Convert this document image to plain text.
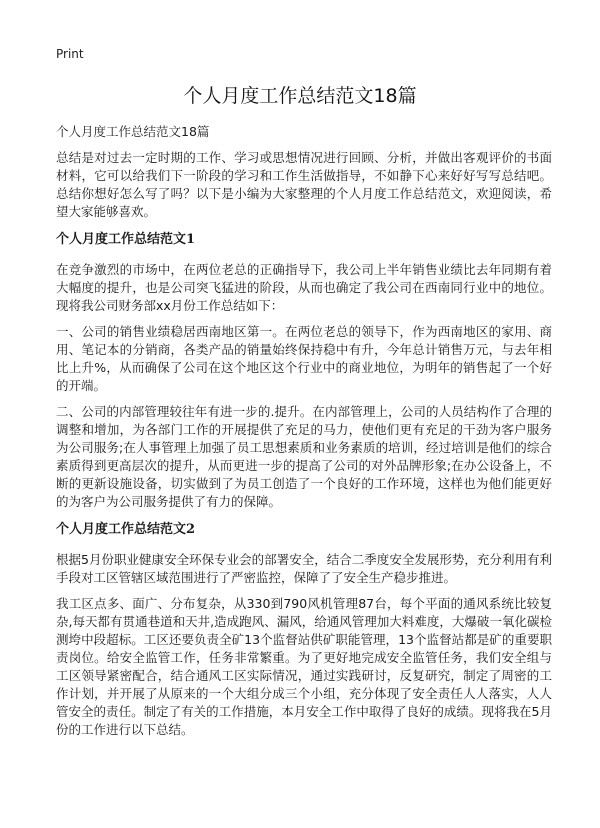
Print
个人月度工作总结范文18篇

个人月度工作总结范文18篇

总结是对过去一定时期的工作、学习或思想情况进行回顾、分析，并做出客观评价的书面材料，它可以给我们下一阶段的学习和工作生活做指导，不如静下心来好好写写总结吧。总结你想好怎么写了吗？以下是小编为大家整理的个人月度工作总结范文，欢迎阅读，希望大家能够喜欢。

个人月度工作总结范文1

在竞争激烈的市场中，在两位老总的正确指导下，我公司上半年销售业绩比去年同期有着大幅度的提升，也是公司突飞猛进的阶段，从而也确定了我公司在西南同行业中的地位。现将我公司财务部xx月份工作总结如下：

一、公司的销售业绩稳居西南地区第一。在两位老总的领导下，作为西南地区的家用、商用、笔记本的分销商，各类产品的销量始终保持稳中有升，今年总计销售万元，与去年相比上升%，从而确保了公司在这个地区这个行业中的商业地位，为明年的销售起了一个好的开端。

二、公司的内部管理较往年有进一步的.提升。在内部管理上，公司的人员结构作了合理的调整和增加，为各部门工作的开展提供了充足的马力，使他们更有充足的干劲为客户服务为公司服务;在人事管理上加强了员工思想素质和业务素质的培训，经过培训是他们的综合素质得到更高层次的提升，从而更进一步的提高了公司的对外品牌形象;在办公设备上，不断的更新设施设备，切实做到了为员工创造了一个良好的工作环境，这样也为他们能更好的为客户为公司服务提供了有力的保障。

个人月度工作总结范文2

根据5月份职业健康安全环保专业会的部署安全，结合二季度安全发展形势，充分利用有利手段对工区管辖区域范围进行了严密监控，保障了了安全生产稳步推进。

我工区点多、面广、分布复杂，从330到790风机管理87台，每个平面的通风系统比较复杂,每天都有贯通巷道和天井,造成跑风、漏风，给通风管理加大料难度，大爆破一氧化碳检测垮中段超标。工区还要负责全矿13个监督站供矿职能管理，13个监督站都是矿的重要职责岗位。给安全监管工作，任务非常繁重。为了更好地完成安全监管任务，我们安全组与工区领导紧密配合，结合通风工区实际情况，通过实践研讨，反复研究，制定了周密的工作计划，并开展了从原来的一个大组分成三个小组，充分体现了安全责任人人落实，人人管安全的责任。制定了有关的工作措施，本月安全工作中取得了良好的成绩。现将我在5月份的工作进行以下总结。
